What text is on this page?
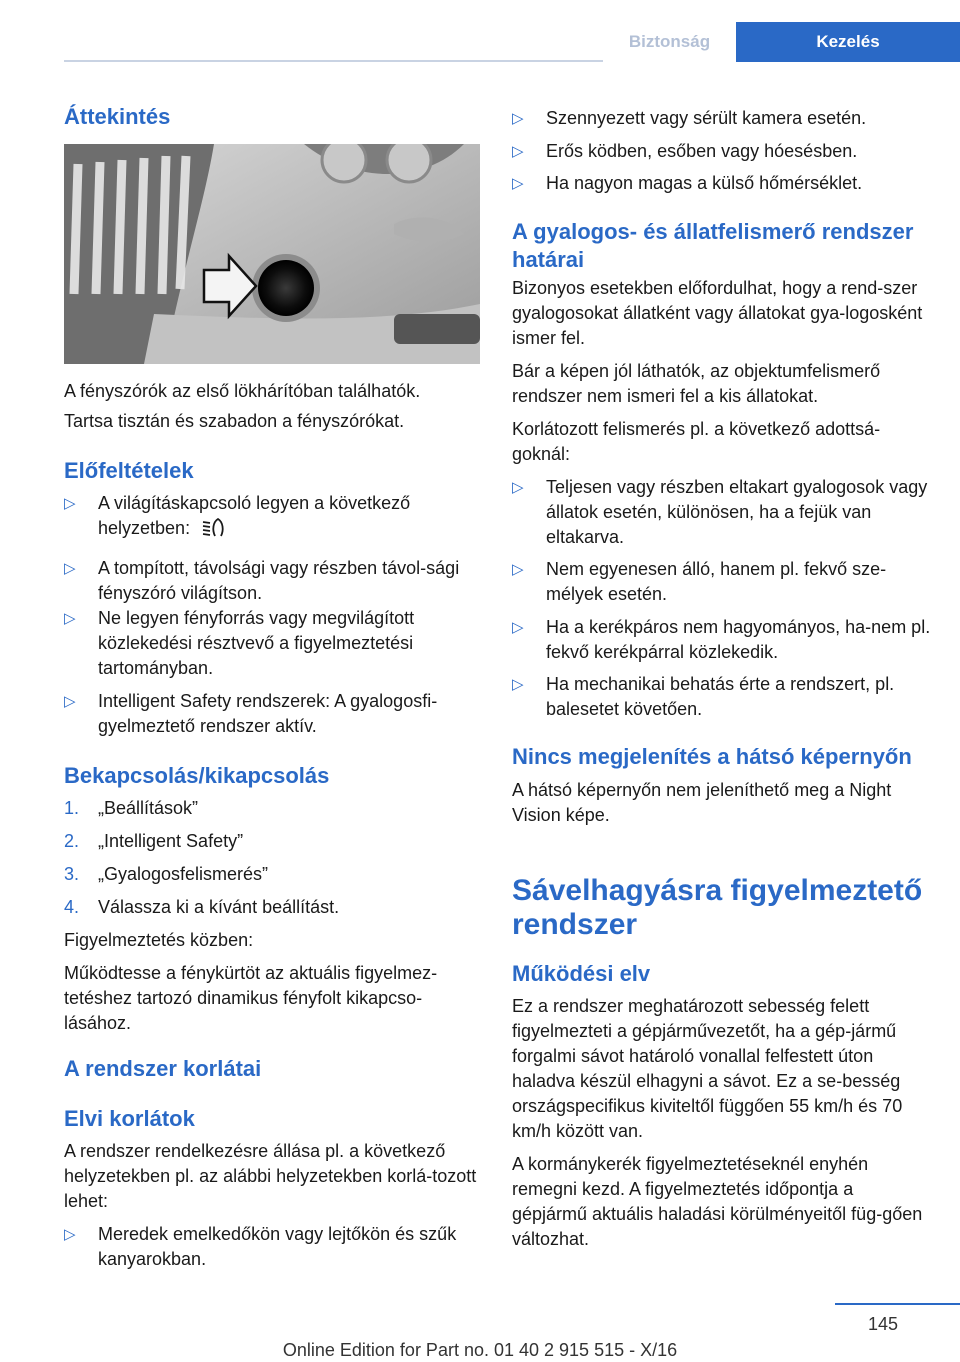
Biztonság	Kezelés
Áttekintés

A fényszórók az első lökhárítóban találhatók.

Tartsa tisztán és szabadon a fényszórókat.

Előfeltételek
▷ A világításkapcsoló legyen a következő helyzetben:
▷ A tompított, távolsági vagy részben távol-sági fényszóró világítson.
▷ Ne legyen fényforrás vagy megvilágított közlekedési résztvevő a figyelmeztetési tartományban.
▷ Intelligent Safety rendszerek: A gyalogosfi-gyelmeztető rendszer aktív.
Bekapcsolás/kikapcsolás
1. „Beállítások”
2. „Intelligent Safety”
3. „Gyalogosfelismerés”
4. Válassza ki a kívánt beállítást.

Figyelmeztetés közben:

Működtesse a fénykürtöt az aktuális figyelmez-tetéshez tartozó dinamikus fényfolt kikapcso-lásához.

A rendszer korlátai
Elvi korlátok

A rendszer rendelkezésre állása pl. a következő helyzetekben pl. az alábbi helyzetekben korlá-tozott lehet:

▷ Meredek emelkedőkön vagy lejtőkön és szűk kanyarokban.
▷ Szennyezett vagy sérült kamera esetén.
▷ Erős ködben, esőben vagy hóesésben.
▷ Ha nagyon magas a külső hőmérséklet.
A gyalogos- és állatfelismerő rendszer határai

Bizonyos esetekben előfordulhat, hogy a rend-szer gyalogosokat állatként vagy állatokat gya-logosként ismer fel.

Bár a képen jól láthatók, az objektumfelismerő rendszer nem ismeri fel a kis állatokat.

Korlátozott felismerés pl. a következő adottsá-goknál:

▷ Teljesen vagy részben eltakart gyalogosok vagy állatok esetén, különösen, ha a fejük van eltakarva.
▷ Nem egyenesen álló, hanem pl. fekvő sze-mélyek esetén.
▷ Ha a kerékpáros nem hagyományos, ha-nem pl. fekvő kerékpárral közlekedik.
▷ Ha mechanikai behatás érte a rendszert, pl. balesetet követően.
Nincs megjelenítés a hátsó képernyőn

A hátsó képernyőn nem jeleníthető meg a Night Vision képe.

Sávelhagyásra figyelmeztető rendszer
Működési elv

Ez a rendszer meghatározott sebesség felett figyelmezteti a gépjárművezetőt, ha a gép-jármű forgalmi sávot határoló vonallal felfestett úton haladva készül elhagyni a sávot. Ez a se-besség országspecifikus kiviteltől függően 55 km/h és 70 km/h között van.

A kormánykerék figyelmeztetéseknél enyhén remegni kezd. A figyelmeztetés időpontja a gépjármű aktuális haladási körülményeitől füg-gően változhat.

145
Online Edition for Part no. 01 40 2 915 515 - X/16
